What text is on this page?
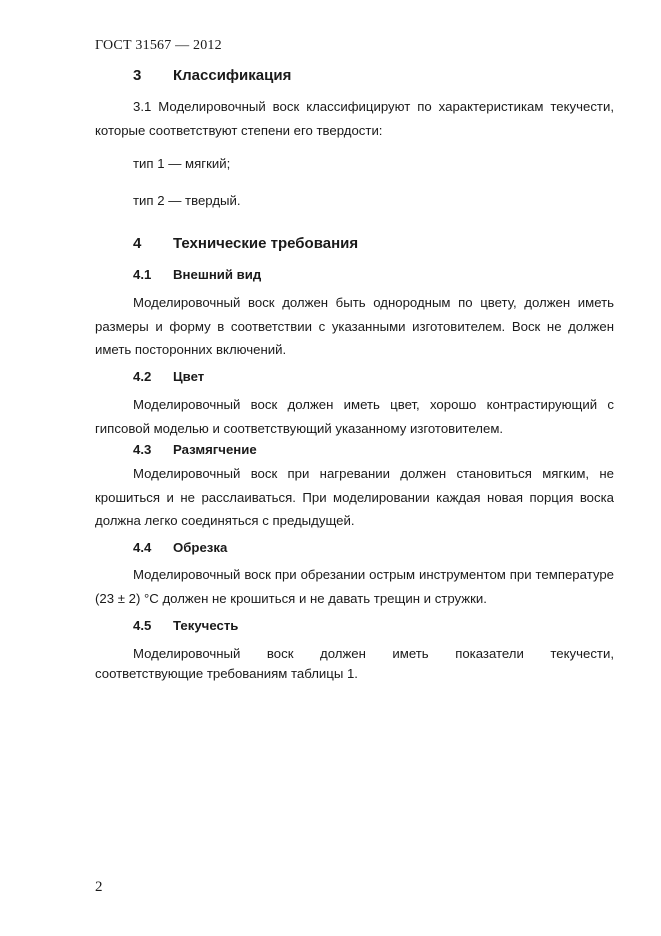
ГОСТ 31567 — 2012
3 Классификация
3.1 Моделировочный воск классифицируют по характеристикам текучести, которые соответствуют степени его твердости:
тип 1 — мягкий;
тип 2 — твердый.
4 Технические требования
4.1 Внешний вид
Моделировочный воск должен быть однородным по цвету, должен иметь размеры и форму в соответствии с указанными изготовителем. Воск не должен иметь посторонних включений.
4.2 Цвет
Моделировочный воск должен иметь цвет, хорошо контрастирующий с гипсовой моделью и соответствующий указанному изготовителем.
4.3 Размягчение
Моделировочный воск при нагревании должен становиться мягким, не крошиться и не расслаиваться. При моделировании каждая новая порция воска должна легко соединяться с предыдущей.
4.4 Обрезка
Моделировочный воск при обрезании острым инструментом при температуре (23 ± 2) °С должен не крошиться и не давать трещин и стружки.
4.5 Текучесть
Моделировочный воск должен иметь показатели текучести,
соответствующие требованиям таблицы 1.
2
